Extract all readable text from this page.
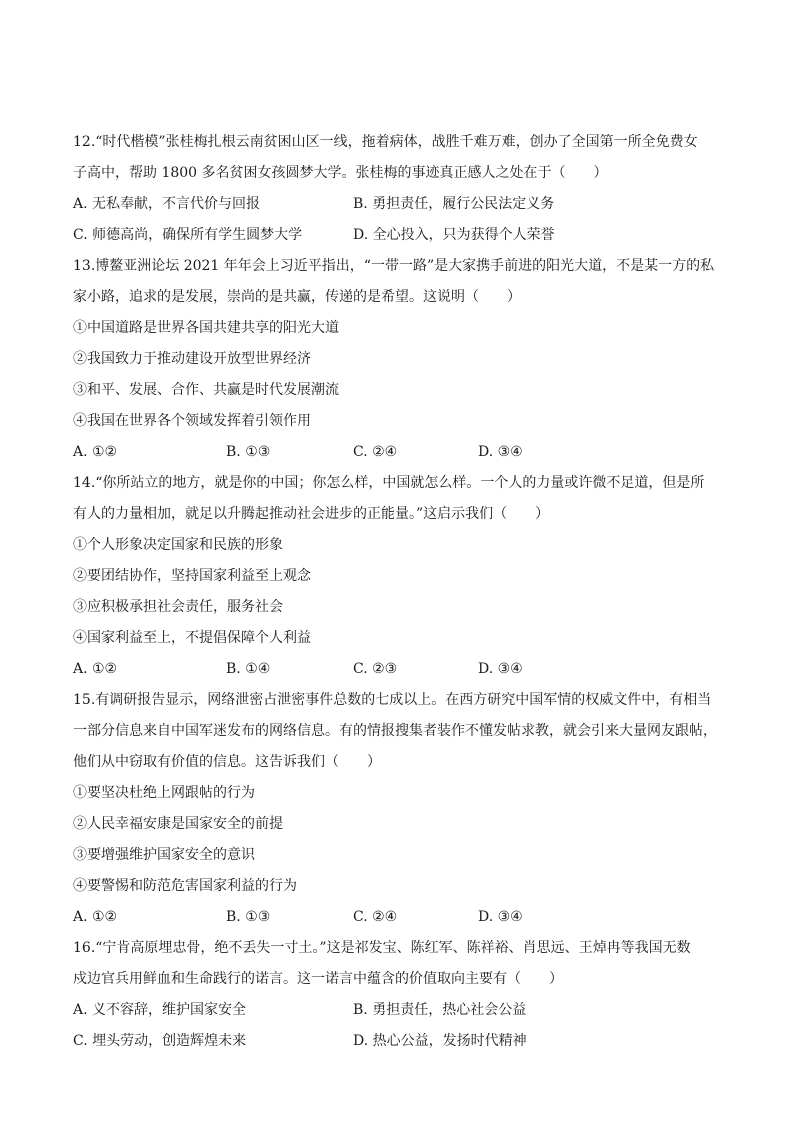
12.“时代楷模”张桂梅扎根云南贫困山区一线，拖着病体，战胜千难万难，创办了全国第一所全免费女
子高中，帮助 1800 多名贫困女孩圆梦大学。张桂梅的事迹真正感人之处在于（　　）
A. 无私奉献，不言代价与回报	B. 勇担责任，履行公民法定义务
C. 师德高尚，确保所有学生圆梦大学	D. 全心投入，只为获得个人荣誉
13.博鳌亚洲论坛 2021 年年会上习近平指出，“一带一路”是大家携手前进的阳光大道，不是某一方的私
家小路，追求的是发展，崇尚的是共赢，传递的是希望。这说明（　　）
①中国道路是世界各国共建共享的阳光大道
②我国致力于推动建设开放型世界经济
③和平、发展、合作、共赢是时代发展潮流
④我国在世界各个领域发挥着引领作用
A. ①②	B. ①③	C. ②④	D. ③④
14.“你所站立的地方，就是你的中国；你怎么样，中国就怎么样。一个人的力量或许微不足道，但是所
有人的力量相加，就足以升腾起推动社会进步的正能量。”这启示我们（　　）
①个人形象决定国家和民族的形象
②要团结协作，坚持国家利益至上观念
③应积极承担社会责任，服务社会
④国家利益至上，不提倡保障个人利益
A. ①②	B. ①④	C. ②③	D. ③④
15.有调研报告显示，网络泄密占泄密事件总数的七成以上。在西方研究中国军情的权威文件中，有相当
一部分信息来自中国军迷发布的网络信息。有的情报搜集者装作不懂发帖求教，就会引来大量网友跟帖，
他们从中窃取有价值的信息。这告诉我们（　　）
①要坚决杜绝上网跟帖的行为
②人民幸福安康是国家安全的前提
③要增强维护国家安全的意识
④要警惕和防范危害国家利益的行为
A. ①②	B. ①③	C. ②④	D. ③④
16.“宁肯高原埋忠骨，绝不丢失一寸土。”这是祁发宝、陈红军、陈祥裕、肖思远、王焯冉等我国无数
戍边官兵用鲜血和生命践行的诺言。这一诺言中蕴含的价值取向主要有（　　）
A. 义不容辞，维护国家安全	B. 勇担责任，热心社会公益
C. 埋头劳动，创造辉煌未来	D. 热心公益，发扬时代精神
